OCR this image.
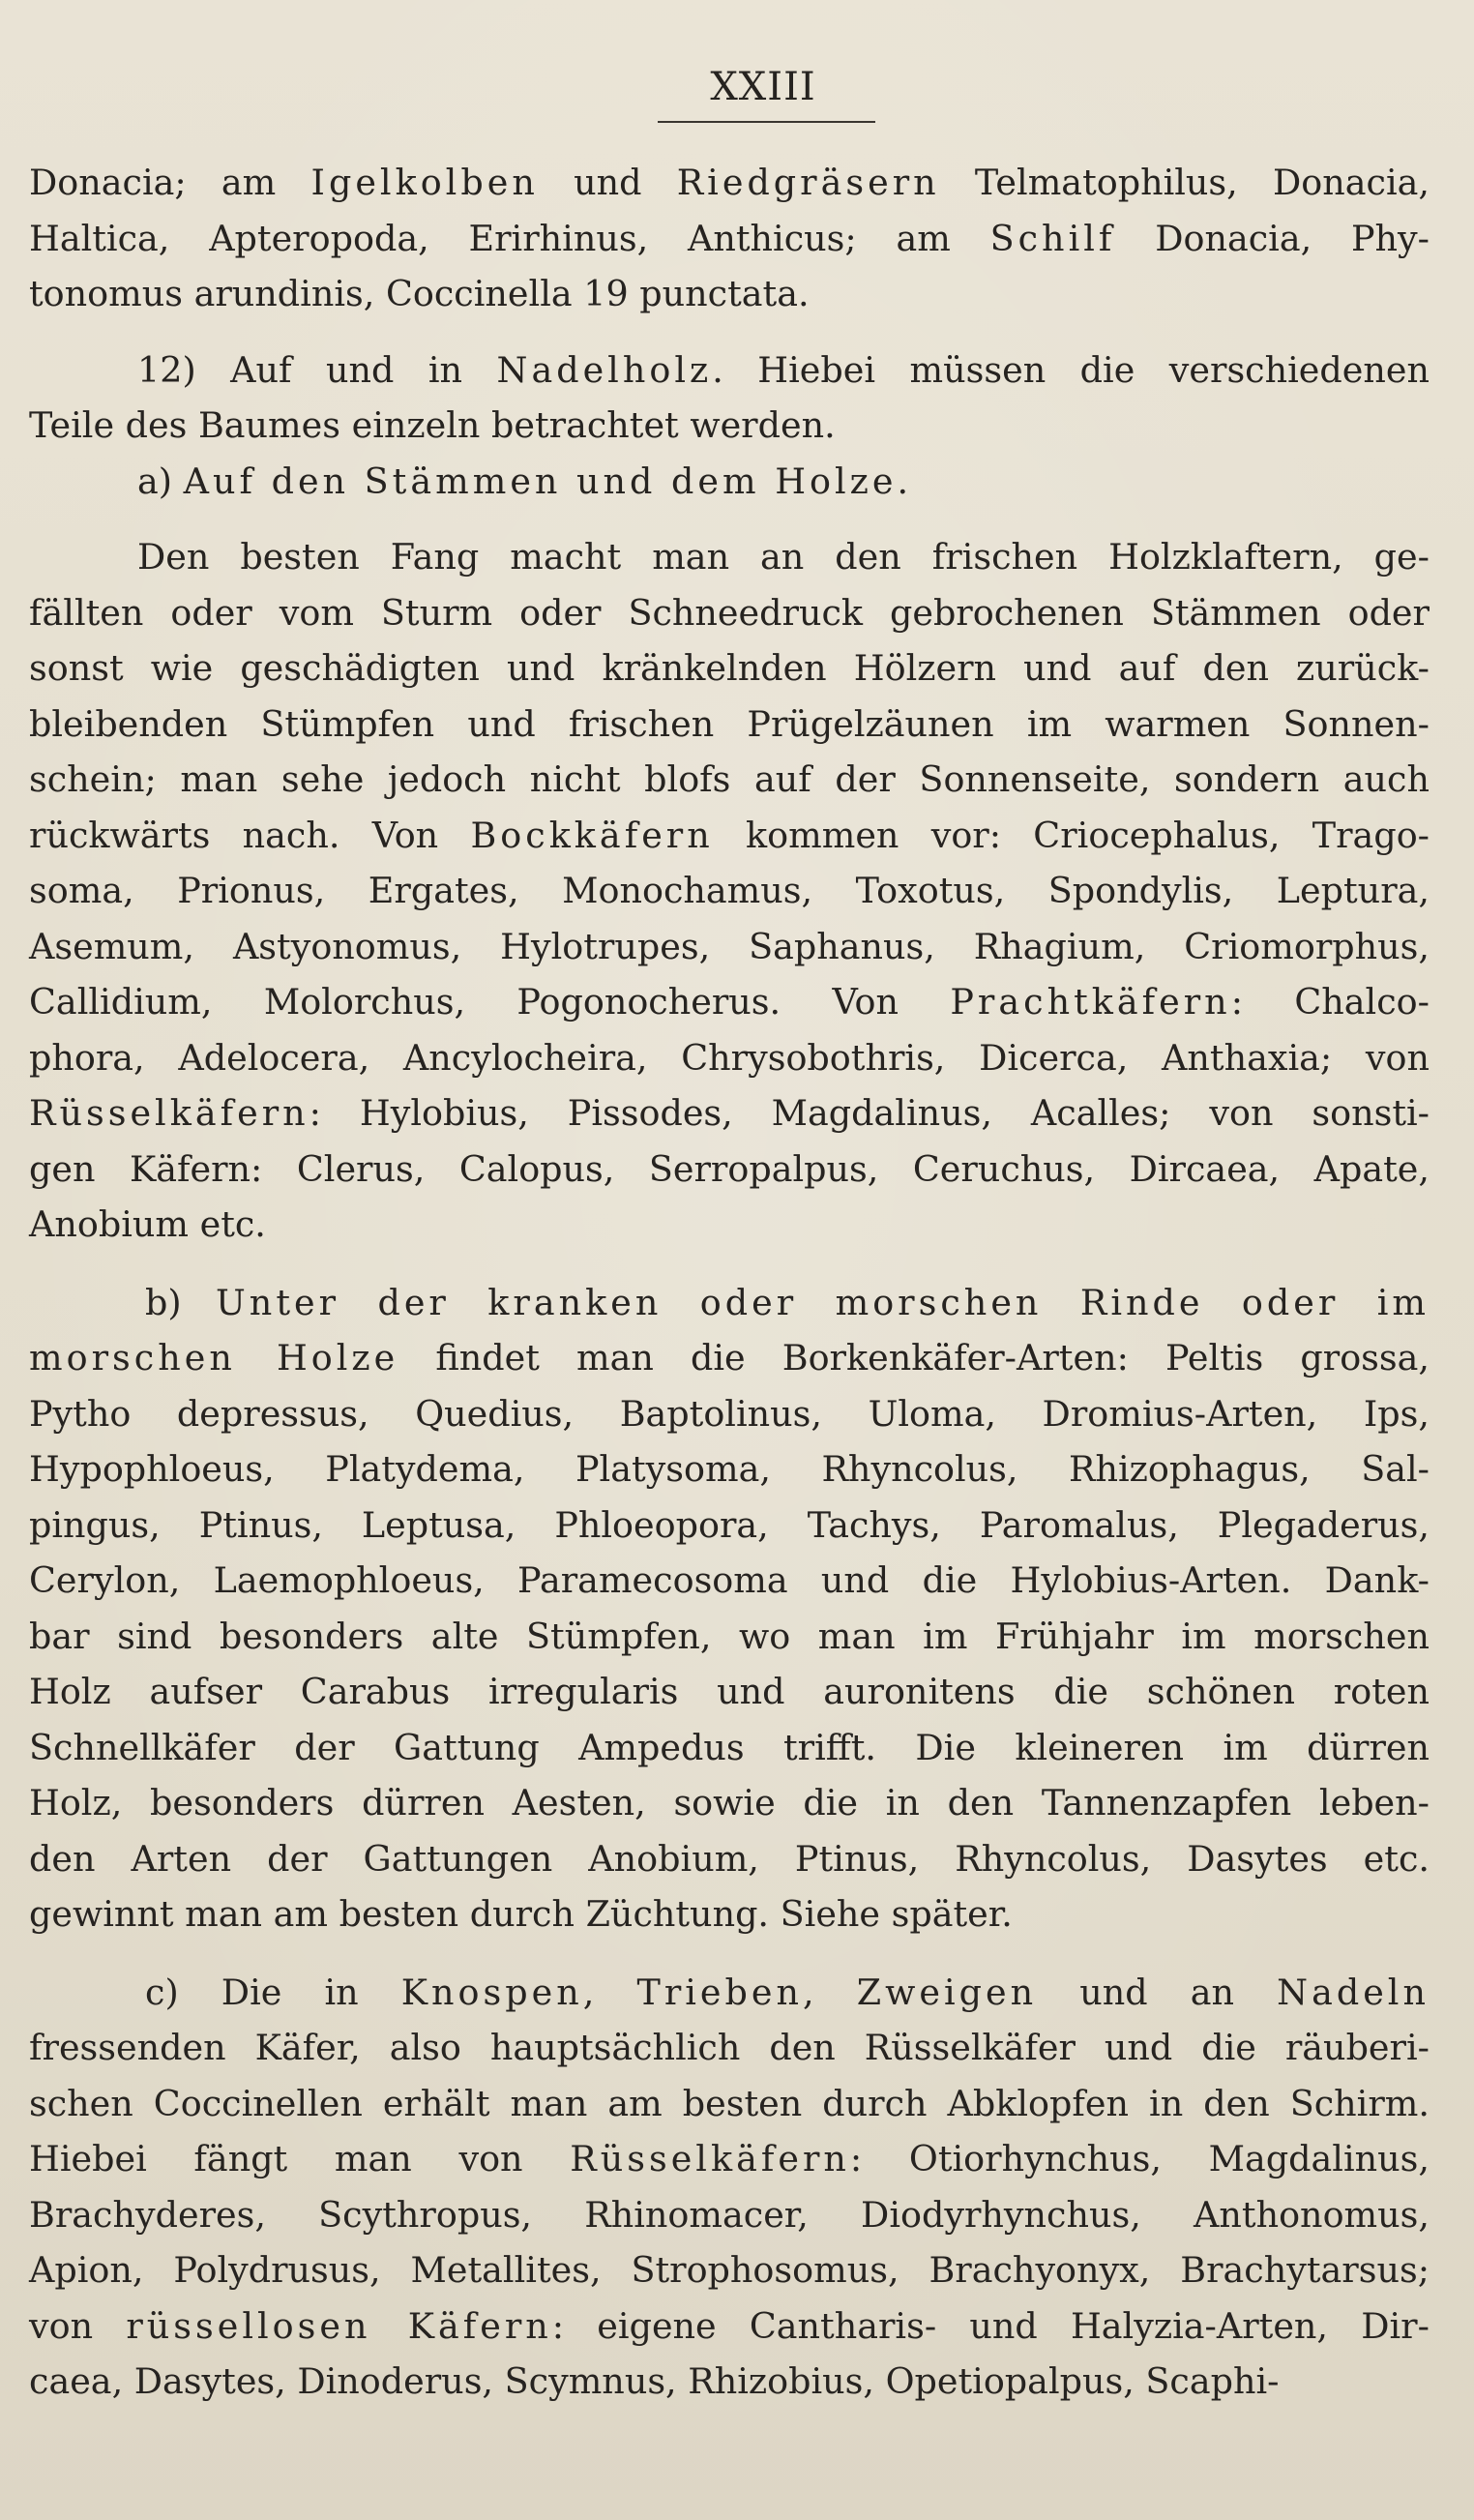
XXIII
Donacia; am Igelkolben und Riedgräsern Telmatophilus, Donacia,
Haltica, Apteropoda, Erirhinus, Anthicus; am Schilf Donacia, Phy-
tonomus arundinis, Coccinella 19 punctata.
12) Auf und in Nadelholz. Hiebei müssen die verschiedenen
Teile des Baumes einzeln betrachtet werden.
a) Auf den Stämmen und dem Holze.
Den besten Fang macht man an den frischen Holzklaftern, ge-
fällten oder vom Sturm oder Schneedruck gebrochenen Stämmen oder
sonst wie geschädigten und kränkelnden Hölzern und auf den zurück-
bleibenden Stümpfen und frischen Prügelzäunen im warmen Sonnen-
schein; man sehe jedoch nicht blofs auf der Sonnenseite, sondern auch
rückwärts nach. Von Bockkäfern kommen vor: Criocephalus, Trago-
soma, Prionus, Ergates, Monochamus, Toxotus, Spondylis, Leptura,
Asemum, Astyonomus, Hylotrupes, Saphanus, Rhagium, Criomorphus,
Callidium, Molorchus, Pogonocherus. Von Prachtkäfern: Chalco-
phora, Adelocera, Ancylocheira, Chrysobothris, Dicerca, Anthaxia; von
Rüsselkäfern: Hylobius, Pissodes, Magdalinus, Acalles; von sonsti-
gen Käfern: Clerus, Calopus, Serropalpus, Ceruchus, Dircaea, Apate,
Anobium etc.
b) Unter der kranken oder morschen Rinde oder im
morschen Holze findet man die Borkenkäfer-Arten: Peltis grossa,
Pytho depressus, Quedius, Baptolinus, Uloma, Dromius-Arten, Ips,
Hypophloeus, Platydema, Platysoma, Rhyncolus, Rhizophagus, Sal-
pingus, Ptinus, Leptusa, Phloeopora, Tachys, Paromalus, Plegaderus,
Cerylon, Laemophloeus, Paramecosoma und die Hylobius-Arten. Dank-
bar sind besonders alte Stümpfen, wo man im Frühjahr im morschen
Holz aufser Carabus irregularis und auronitens die schönen roten
Schnellkäfer der Gattung Ampedus trifft. Die kleineren im dürren
Holz, besonders dürren Aesten, sowie die in den Tannenzapfen leben-
den Arten der Gattungen Anobium, Ptinus, Rhyncolus, Dasytes etc.
gewinnt man am besten durch Züchtung. Siehe später.
c) Die in Knospen, Trieben, Zweigen und an Nadeln
fressenden Käfer, also hauptsächlich den Rüsselkäfer und die räuberi-
schen Coccinellen erhält man am besten durch Abklopfen in den Schirm.
Hiebei fängt man von Rüsselkäfern: Otiorhynchus, Magdalinus,
Brachyderes, Scythropus, Rhinomacer, Diodyrhynchus, Anthonomus,
Apion, Polydrusus, Metallites, Strophosomus, Brachyonyx, Brachytarsus;
von rüssellosen Käfern: eigene Cantharis- und Halyzia-Arten, Dir-
caea, Dasytes, Dinoderus, Scymnus, Rhizobius, Opetiopalpus, Scaphi-
